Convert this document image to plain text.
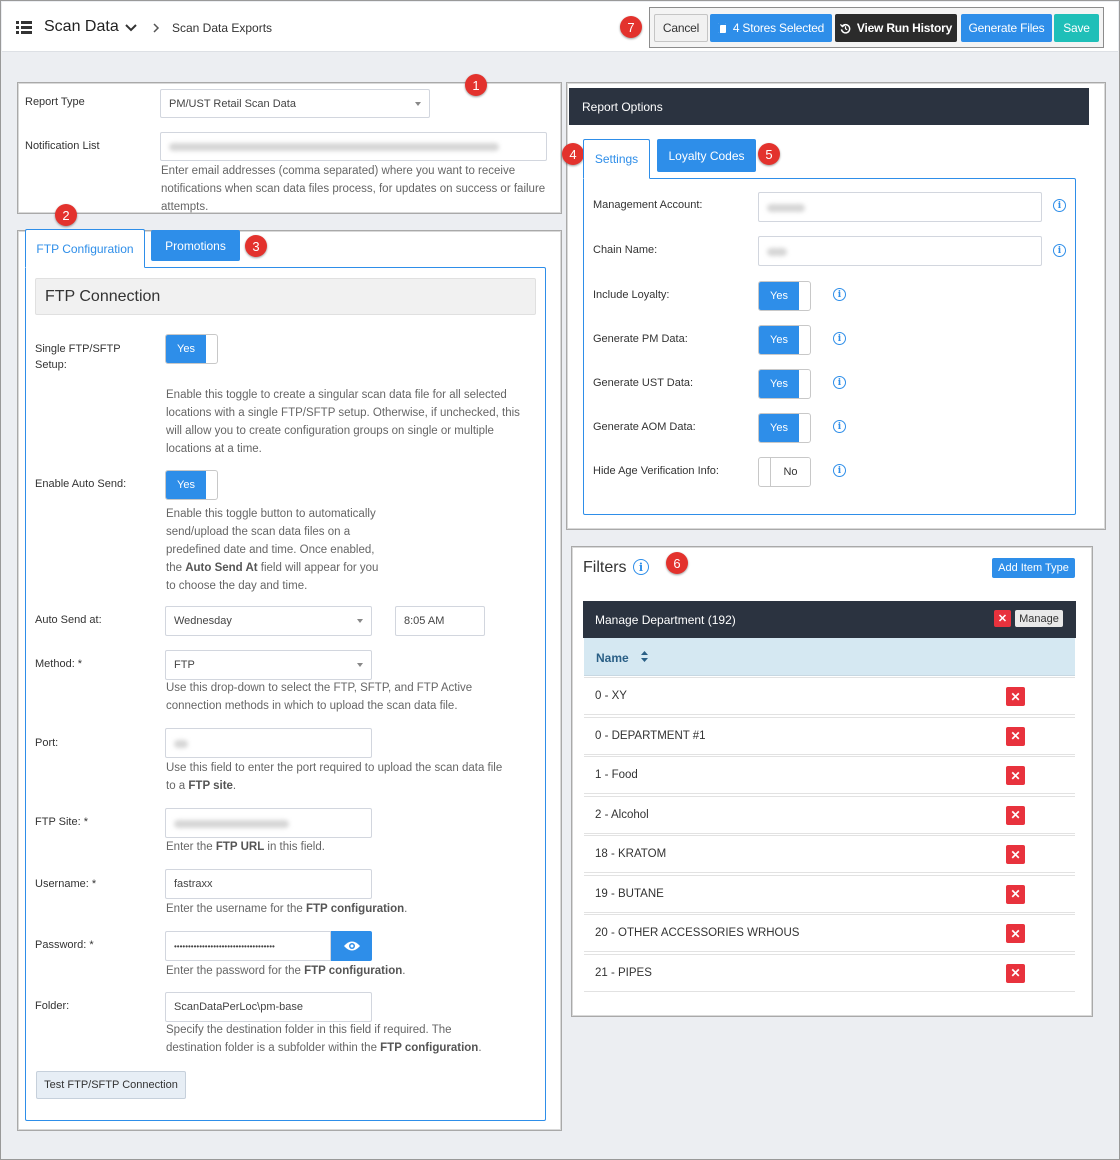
Scan Data	Scan Data Exports	7	Cancel	4 Stores Selected	View Run History	Generate Files	Save
1
Report Type	PM/UST Retail Scan Data
Notification List
Enter email addresses (comma separated) where you want to receive notifications when scan data files process, for updates on success or failure attempts.
2
FTP Configuration	Promotions	3
FTP Connection
Single FTP/SFTP Setup:
Yes
Enable this toggle to create a singular scan data file for all selected locations with a single FTP/SFTP setup. Otherwise, if unchecked, this will allow you to create configuration groups on single or multiple locations at a time.
Enable Auto Send:	Yes
Enable this toggle button to automatically
send/upload the scan data files on a
predefined date and time. Once enabled,
the Auto Send At field will appear for you
to choose the day and time.
Auto Send at:	Wednesday	8:05 AM
Method: *	FTP
Use this drop-down to select the FTP, SFTP, and FTP Active
connection methods in which to upload the scan data file.
Port:
Use this field to enter the port required to upload the scan data file
to a FTP site.
FTP Site: *
Enter the FTP URL in this field.
Username: *	fastraxx
Enter the username for the FTP configuration.
Password: *	••••••••••••••••••••••••••••••••••••
Enter the password for the FTP configuration.
Folder:	ScanDataPerLoc\pm-base
Specify the destination folder in this field if required. The
destination folder is a subfolder within the FTP configuration.
Test FTP/SFTP Connection
Report Options
4	Settings	Loyalty Codes	5
Management Account:	i
Chain Name:	i
Include Loyalty:	Yes	i
Generate PM Data:	Yes	i
Generate UST Data:	Yes	i
Generate AOM Data:	Yes	i
Hide Age Verification Info:	No	i
Filters	i	6	Add Item Type
Manage Department (192)	✕	Manage
Name
0 - XY	✕
0 - DEPARTMENT #1	✕
1 - Food	✕
2 - Alcohol	✕
18 - KRATOM	✕
19 - BUTANE	✕
20 - OTHER ACCESSORIES WRHOUS	✕
21 - PIPES	✕
